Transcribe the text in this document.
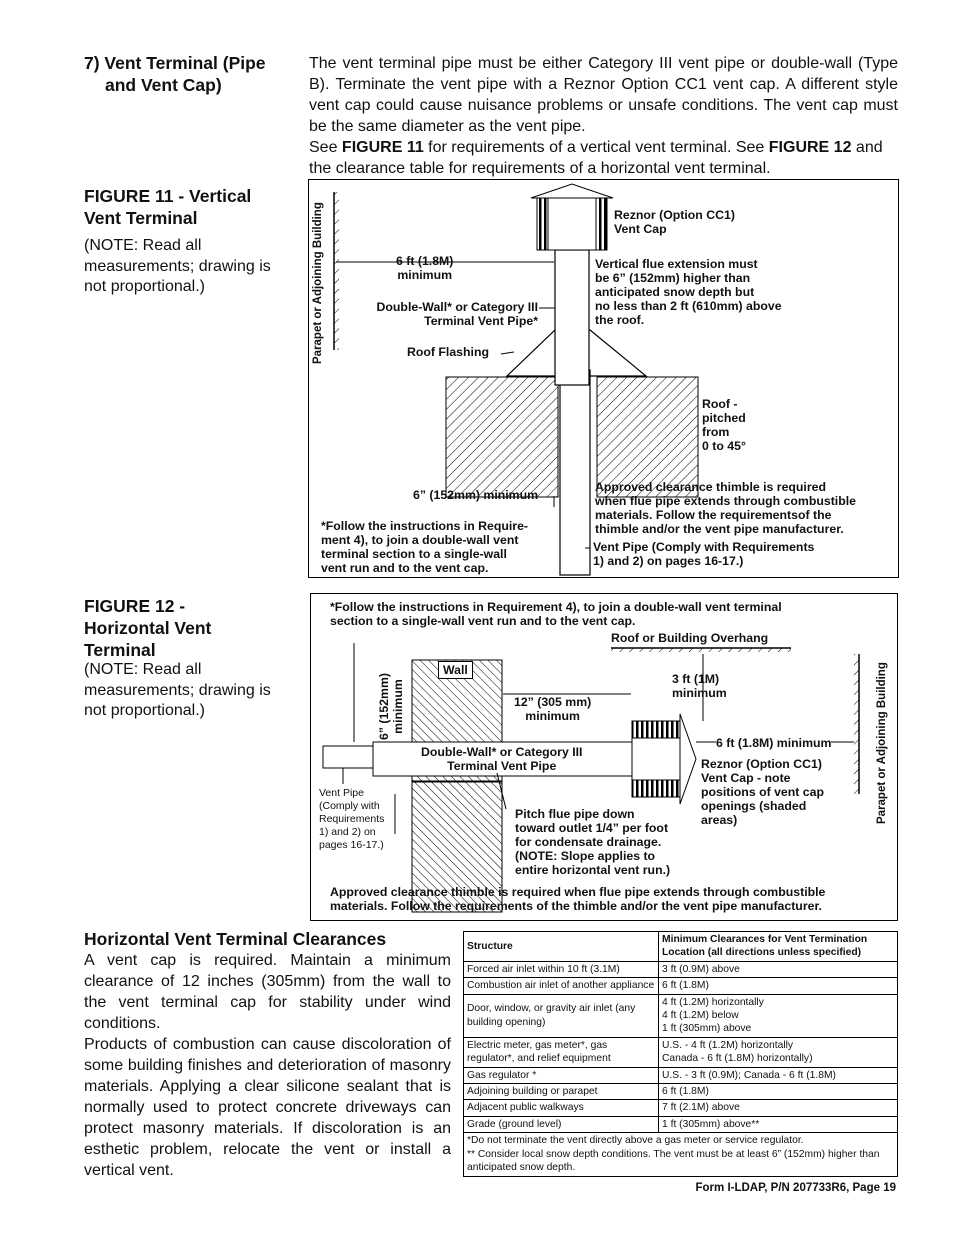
7) Vent Terminal (Pipe
and Vent Cap)
The vent terminal pipe must be either Category III vent pipe or double-wall (Type B). Terminate the vent pipe with a Reznor Option CC1 vent cap. A different style vent cap could cause nuisance problems or unsafe conditions. The vent cap must be the same diameter as the vent pipe.
See FIGURE 11 for requirements of a vertical vent terminal. See FIGURE 12 and the clearance table for requirements of a horizontal vent terminal.
FIGURE 11 - Vertical
Vent Terminal
(NOTE: Read all measurements; drawing is not proportional.)	Parapet or Adjoining Building	6 ft (1.8M)
minimum
Reznor (Option CC1)
Vent Cap
Vertical flue extension must
be 6” (152mm) higher than
anticipated snow depth but
no less than 2 ft (610mm) above
the roof.
Double-Wall* or Category III
Terminal Vent Pipe*
Roof Flashing
Roof -
pitched
from
0 to 45°
6” (152mm) minimum
Approved clearance thimble is required
when flue pipe extends through combustible
materials. Follow the requirementsof the
thimble and/or the vent pipe manufacturer.
*Follow the instructions in Require-
ment 4), to join a double-wall vent
terminal section to a single-wall
vent run and to the vent cap.
Vent Pipe (Comply with Requirements
1) and 2) on pages 16-17.)
FIGURE 12 -
Horizontal Vent
Terminal
(NOTE: Read all measurements; drawing is not proportional.)
*Follow the instructions in Requirement 4), to join a double-wall vent terminal
section to a single-wall vent run and to the vent cap.
Roof or Building Overhang
Parapet or Adjoining Building
6” (152mm)
minimum
Wall
12” (305 mm)
minimum
3 ft (1M)
minimum
6 ft (1.8M) minimum
Double-Wall* or Category III
Terminal Vent Pipe	Reznor (Option CC1)
Vent Cap - note
positions of vent cap
openings (shaded
areas)
Vent Pipe
(Comply with
Requirements
1) and 2) on
pages 16-17.)
Pitch flue pipe down
toward outlet 1/4” per foot
for condensate drainage.
(NOTE: Slope applies to
entire horizontal vent run.)
Approved clearance thimble is required when flue pipe extends through combustible
materials. Follow the requirements of the thimble and/or the vent pipe manufacturer.
Horizontal Vent Terminal Clearances
A vent cap is required. Maintain a minimum clearance of 12 inches (305mm) from the wall to the vent terminal cap for stability under wind conditions.
Products of combustion can cause discoloration of some building finishes and deterioration of masonry materials. Applying a clear silicone sealant that is normally used to protect concrete driveways can protect masonry materials. If discoloration is an esthetic problem, relocate the vent or install a vertical vent.
Structure	Minimum Clearances for Vent Termination Location (all directions unless specified)
Forced air inlet within 10 ft (3.1M)	3 ft (0.9M) above
Combustion air inlet of another appliance	6 ft (1.8M)
Door, window, or gravity air inlet (any building opening)	4 ft (1.2M) horizontally
4 ft (1.2M) below
1 ft (305mm) above

Electric meter, gas meter*, gas regulator*, and relief equipment	U.S. - 4 ft (1.2M) horizontally
Canada - 6 ft (1.8M) horizontally)

Gas regulator *	U.S. - 3 ft (0.9M); Canada - 6 ft (1.8M)
Adjoining building or parapet	6 ft (1.8M)
Adjacent public walkways	7 ft (2.1M) above
Grade (ground level)	1 ft (305mm) above**

*Do not terminate the vent directly above a gas meter or service regulator.
** Consider local snow depth conditions. The vent must be at least 6” (152mm) higher than anticipated snow depth.	
Form I-LDAP, P/N 207733R6, Page 19
